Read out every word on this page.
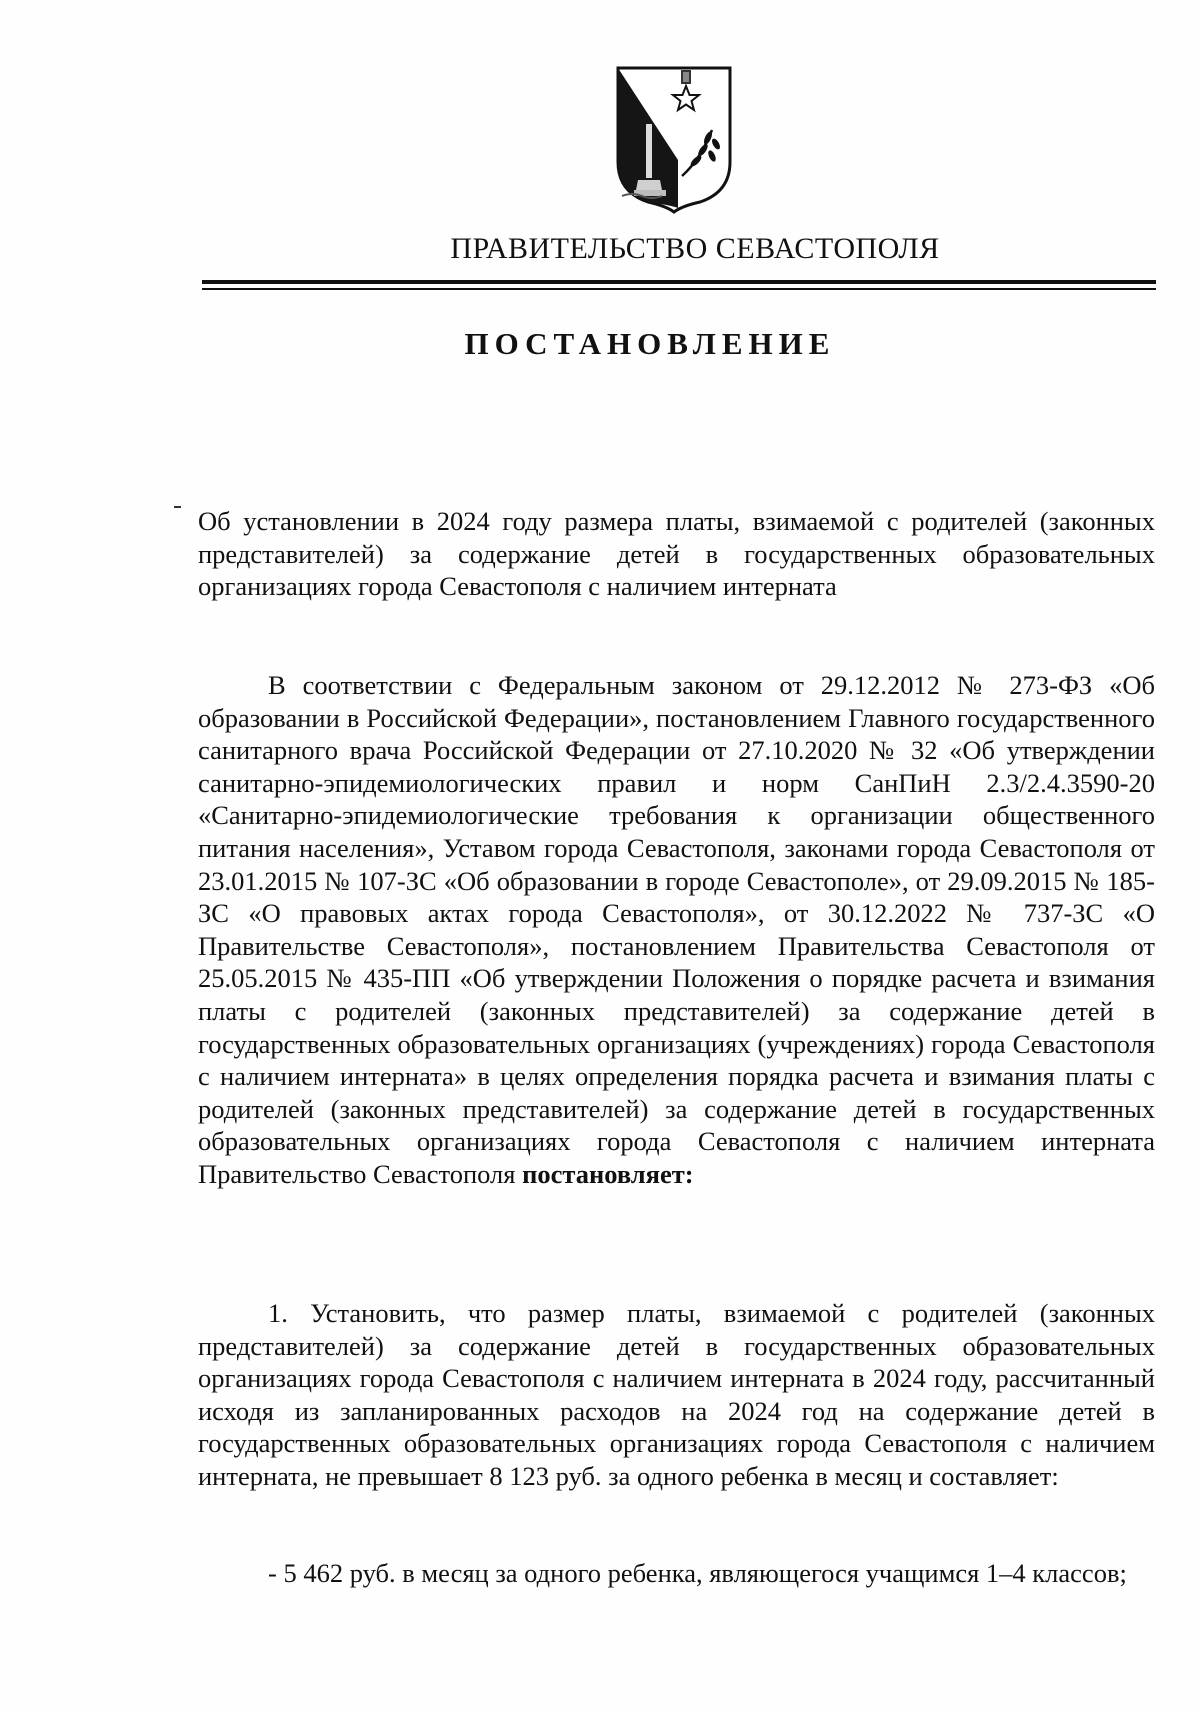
ПРАВИТЕЛЬСТВО СЕВАСТОПОЛЯ
ПОСТАНОВЛЕНИЕ
Об установлении в 2024 году размера платы, взимаемой с родителей (законных представителей) за содержание детей в государственных образовательных организациях города Севастополя с наличием интерната
В соответствии с Федеральным законом от 29.12.2012 № 273-ФЗ «Об образовании в Российской Федерации», постановлением Главного государственного санитарного врача Российской Федерации от 27.10.2020 № 32 «Об утверждении санитарно-эпидемиологических правил и норм СанПиН 2.3/2.4.3590-20 «Санитарно-эпидемиологические требования к организации общественного питания населения», Уставом города Севастополя, законами города Севастополя от 23.01.2015 № 107-ЗС «Об образовании в городе Севастополе», от 29.09.2015 № 185-ЗС «О правовых актах города Севастополя», от 30.12.2022 № 737-ЗС «О Правительстве Севастополя», постановлением Правительства Севастополя от 25.05.2015 № 435-ПП «Об утверждении Положения о порядке расчета и взимания платы с родителей (законных представителей) за содержание детей в государственных образовательных организациях (учреждениях) города Севастополя с наличием интерната» в целях определения порядка расчета и взимания платы с родителей (законных представителей) за содержание детей в государственных образовательных организациях города Севастополя с наличием интерната Правительство Севастополя постановляет:
1. Установить, что размер платы, взимаемой с родителей (законных представителей) за содержание детей в государственных образовательных организациях города Севастополя с наличием интерната в 2024 году, рассчитанный исходя из запланированных расходов на 2024 год на содержание детей в государственных образовательных организациях города Севастополя с наличием интерната, не превышает 8 123 руб. за одного ребенка в месяц и составляет:
- 5 462 руб. в месяц за одного ребенка, являющегося учащимся 1–4 классов;
